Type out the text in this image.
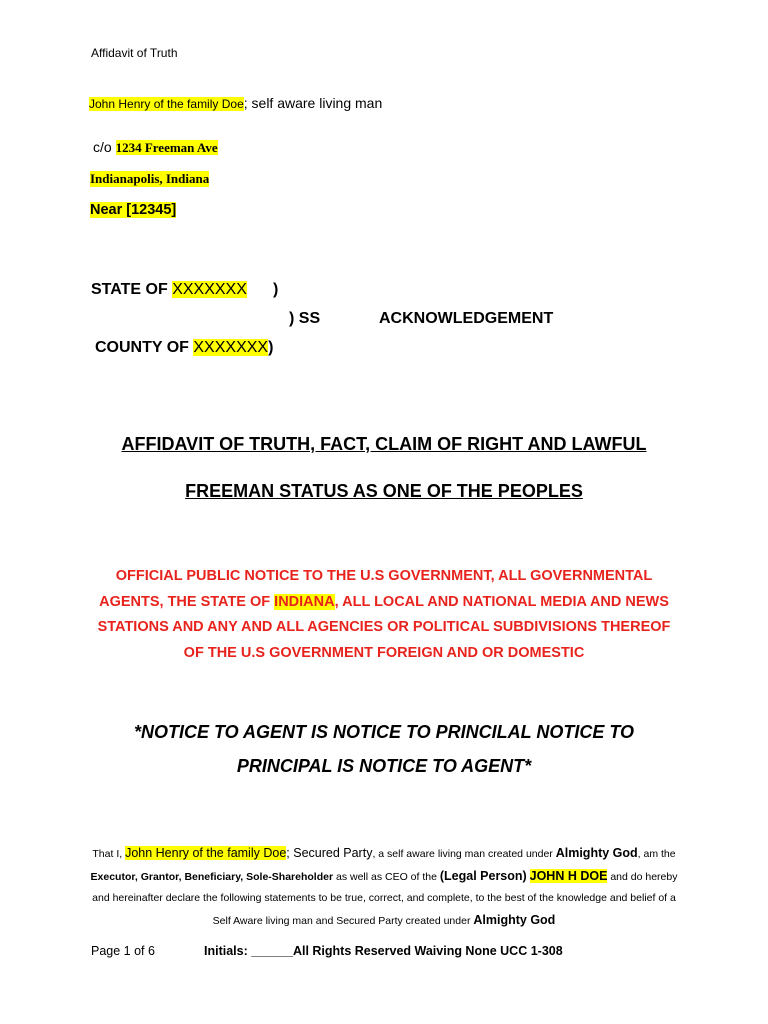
Affidavit of Truth
John Henry of the family Doe; self aware living man
c/o 1234 Freeman Ave
Indianapolis, Indiana
Near [12345]
STATE OF XXXXXXX )
) SS	ACKNOWLEDGEMENT
COUNTY OF XXXXXXX)
AFFIDAVIT OF TRUTH, FACT, CLAIM OF RIGHT AND LAWFUL
FREEMAN STATUS AS ONE OF THE PEOPLES
OFFICIAL PUBLIC NOTICE TO THE U.S GOVERNMENT, ALL GOVERNMENTAL
AGENTS, THE STATE OF INDIANA, ALL LOCAL AND NATIONAL MEDIA AND NEWS
STATIONS AND ANY AND ALL AGENCIES OR POLITICAL SUBDIVISIONS THEREOF
OF THE U.S GOVERNMENT FOREIGN AND OR DOMESTIC
*NOTICE TO AGENT IS NOTICE TO PRINCILAL NOTICE TO
PRINCIPAL IS NOTICE TO AGENT*
That I, John Henry of the family Doe; Secured Party, a self aware living man created under Almighty God, am the Executor, Grantor, Beneficiary, Sole-Shareholder as well as CEO of the (Legal Person) JOHN H DOE and do hereby and hereinafter declare the following statements to be true, correct, and complete, to the best of the knowledge and belief of a Self Aware living man and Secured Party created under Almighty God
Page 1 of 6	Initials: ______All Rights Reserved Waiving None UCC 1-308
